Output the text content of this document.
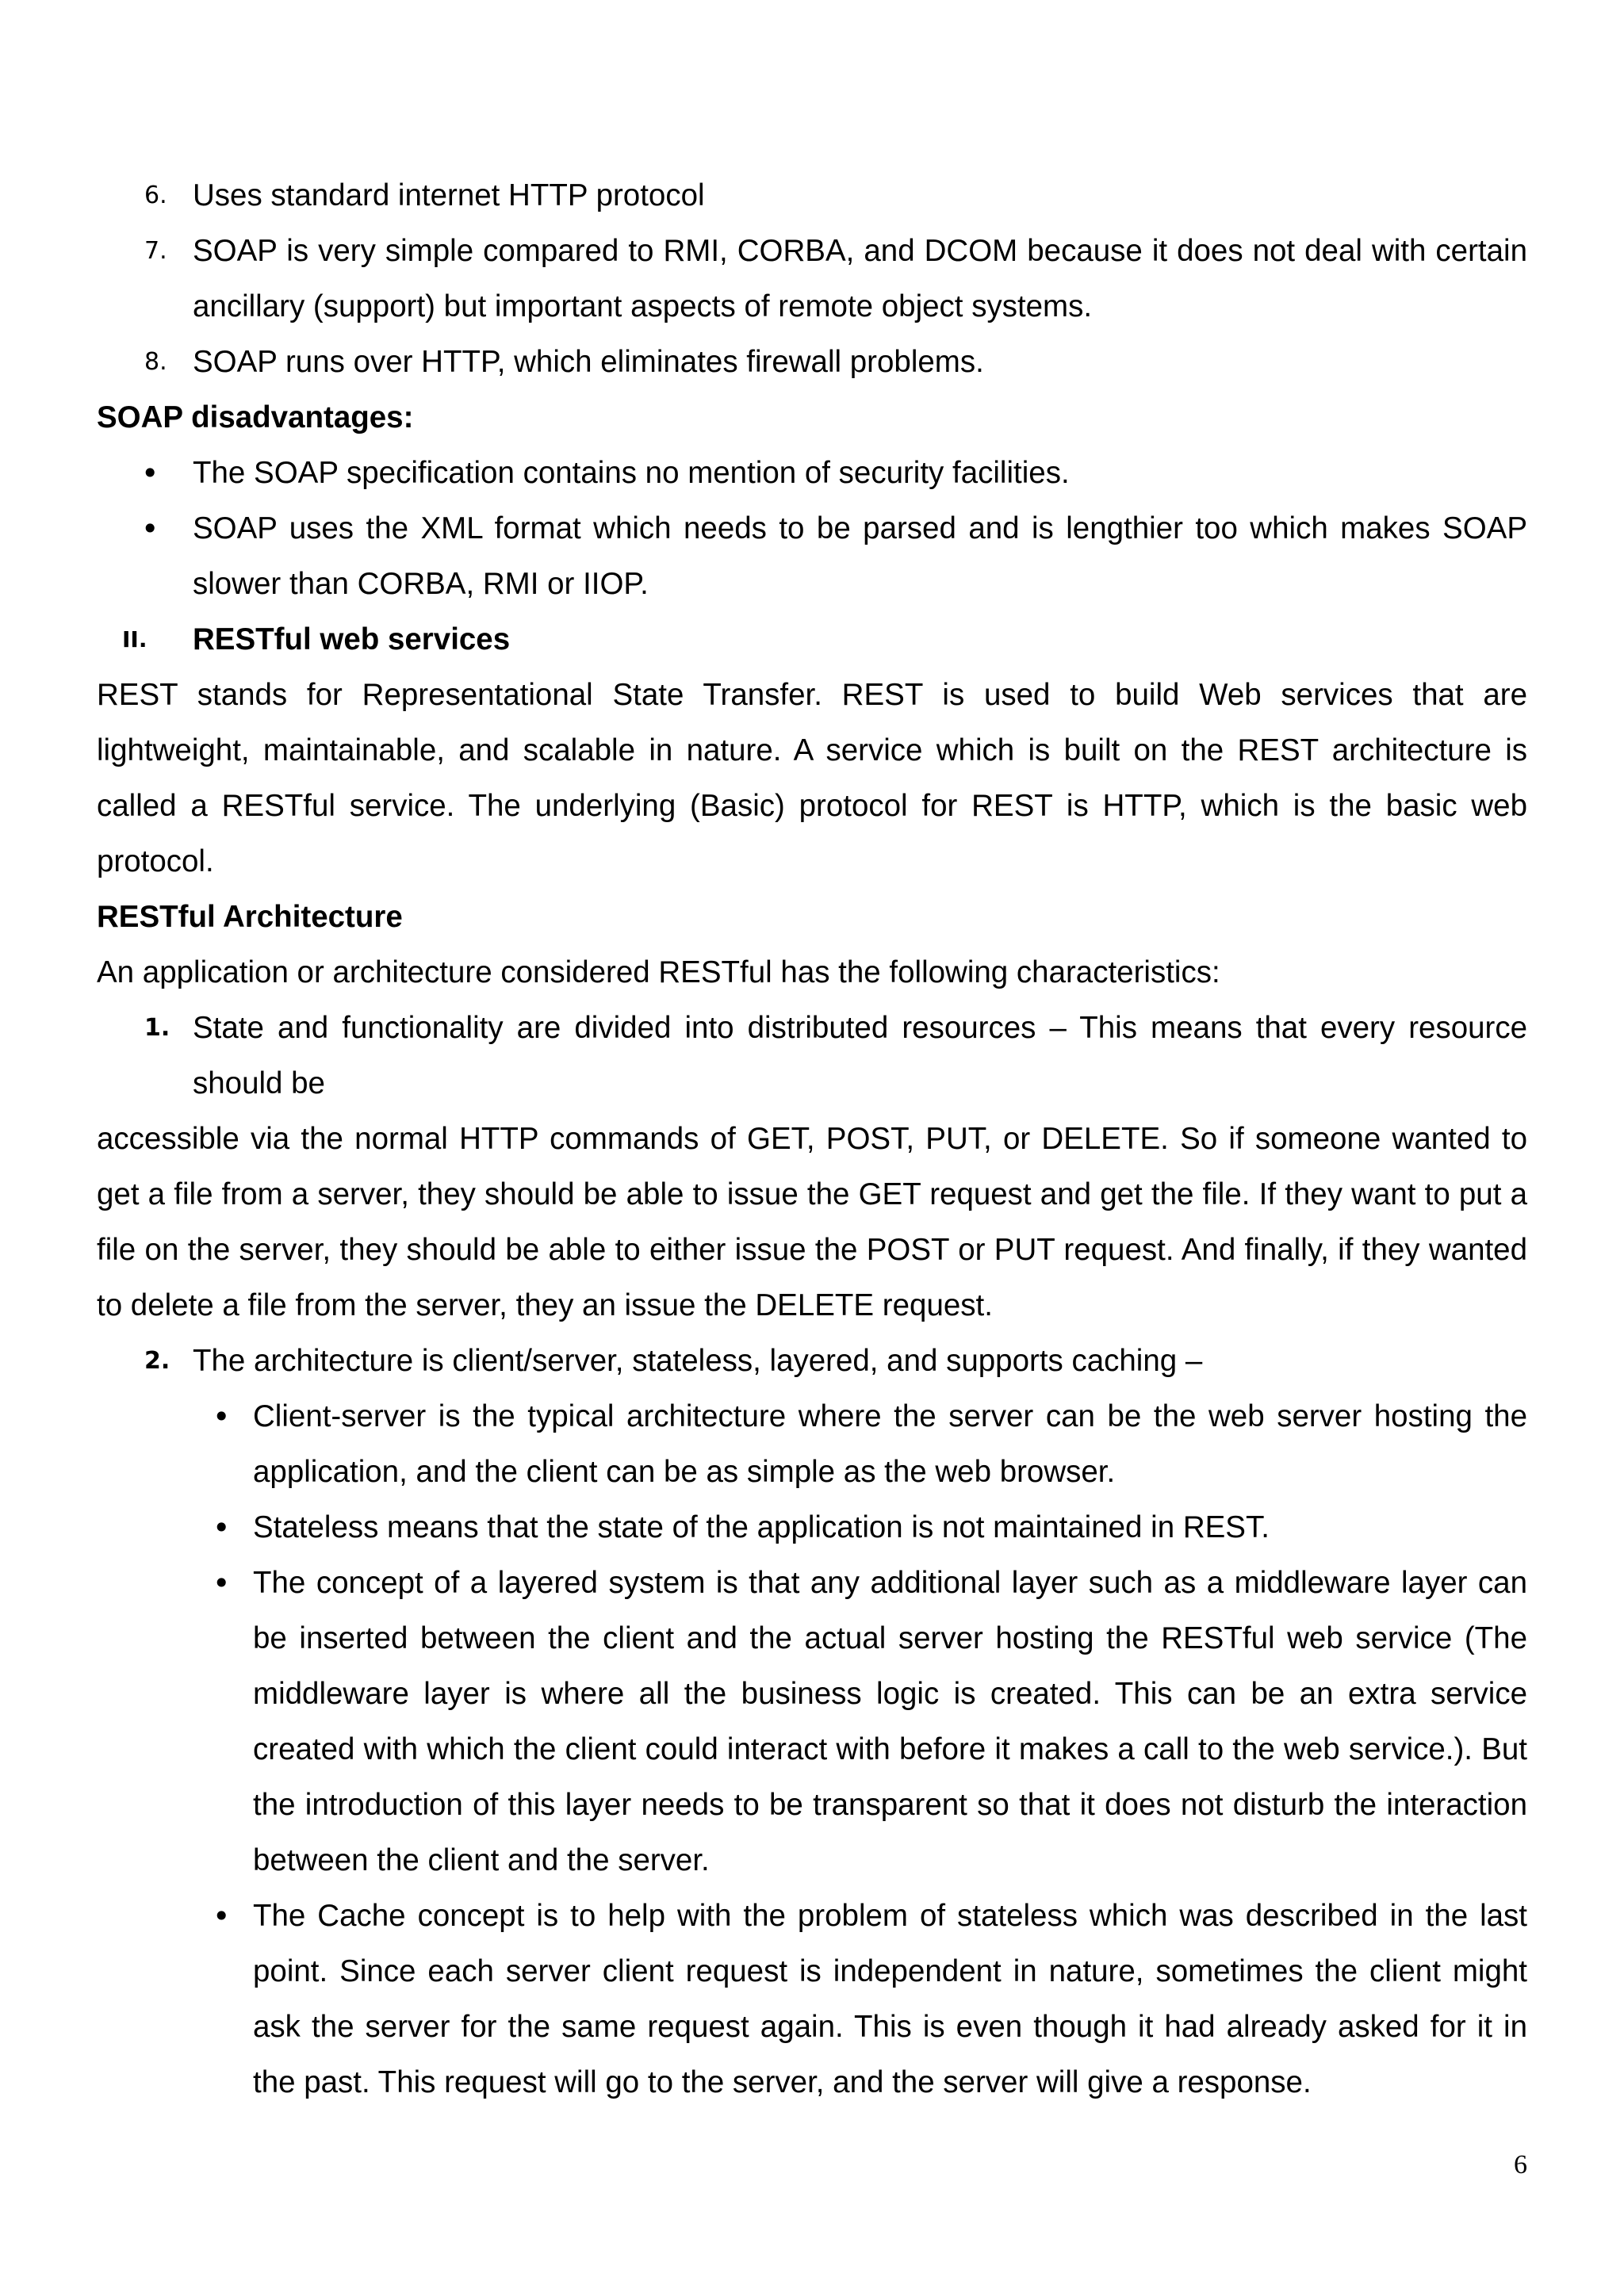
6. Uses standard internet HTTP protocol
7. SOAP is very simple compared to RMI, CORBA, and DCOM because it does not deal with certain ancillary (support) but important aspects of remote object systems.
8. SOAP runs over HTTP, which eliminates firewall problems.
SOAP disadvantages:
• The SOAP specification contains no mention of security facilities.
• SOAP uses the XML format which needs to be parsed and is lengthier too which makes SOAP slower than CORBA, RMI or IIOP.
II. RESTful web services
REST stands for Representational State Transfer. REST is used to build Web services that are lightweight, maintainable, and scalable in nature. A service which is built on the REST architecture is called a RESTful service. The underlying (Basic) protocol for REST is HTTP, which is the basic web protocol.
RESTful Architecture
An application or architecture considered RESTful has the following characteristics:
1. State and functionality are divided into distributed resources – This means that every resource should be
accessible via the normal HTTP commands of GET, POST, PUT, or DELETE. So if someone wanted to get a file from a server, they should be able to issue the GET request and get the file. If they want to put a file on the server, they should be able to either issue the POST or PUT request. And finally, if they wanted to delete a file from the server, they an issue the DELETE request.
2. The architecture is client/server, stateless, layered, and supports caching –
• Client-server is the typical architecture where the server can be the web server hosting the application, and the client can be as simple as the web browser.
• Stateless means that the state of the application is not maintained in REST.
• The concept of a layered system is that any additional layer such as a middleware layer can be inserted between the client and the actual server hosting the RESTful web service (The middleware layer is where all the business logic is created. This can be an extra service created with which the client could interact with before it makes a call to the web service.). But the introduction of this layer needs to be transparent so that it does not disturb the interaction between the client and the server.
• The Cache concept is to help with the problem of stateless which was described in the last point. Since each server client request is independent in nature, sometimes the client might ask the server for the same request again. This is even though it had already asked for it in the past. This request will go to the server, and the server will give a response.
6
